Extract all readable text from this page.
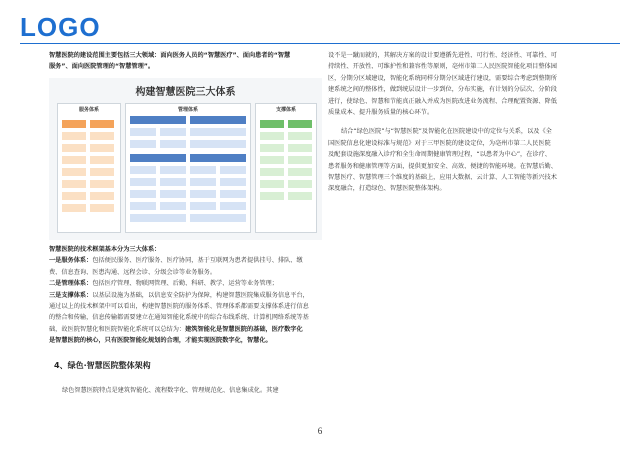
LOGO

智慧医院的建设范围主要包括三大领域：面向医务人员的“智慧医疗”、面向患者的“智慧

服务”、面向医院管理的“智慧管理”。

构建智慧医院三大体系
服务体系	管理体系	支撑体系

智慧医院的技术框架基本分为三大体系：

一是服务体系：包括便民服务、医疗服务、医疗协同，基于互联网为患者提供挂号、排队、缴

费、信息查询、医患沟通、远程会诊、分级会诊等业务服务。

二是管理体系：包括医疗管理、物联网管理、后勤、科研、教学、运营等业务管理；

三是支撑体系：以基层设施为基础，以信息安全防护为保障，构建智慧医院集成服务信息平台，

通过以上的技术框架中可以看出，构建智慧医院的服务体系、管理体系都需要支撑体系进行信息

的整合和传输，信息传输都需要建立在通知智能化系统中的综合布线系统、计算机网络系统等基

础，故医院智慧化和医院智能化系统可以总结为：建筑智能化是智慧医院的基础，医疗数字化

是智慧医院的核心，只有医院智能化规划的合理，才能实现医院数字化，智慧化。

4、绿色·智慧医院整体架构

绿色智慧医院特点是建筑智能化、流程数字化、管理规范化、信息集成化。其建

设不是一蹴而就的，其解决方案的设计要遵循先进性、可行性、经济性、可靠性、可

持续性、开放性、可维护性和兼容性等原则，亳州市第二人民医院智能化项目整体园

区，分期分区域建设，智能化系统同样分期分区域进行建设，需要综合考虑到整期所

建系统之间的整体性，做到统层设计一步到位，分布实施，有计划的分层次、分阶段

进行，使绿色、智慧和节能真正融入并成为医院改进业务流程、合理配置资源、降低

质量成本、提升服务质量的核心环节。

结合“绿色医院”与“智慧医院”及智能化在医院建设中的定位与关系，以及《全

国医院信息化建设标准与规范》对于三甲医院的建设定位，为亳州市第二人民医院

及配套设施深度融入诊疗和全生命周期健康管理过程，“以患者为中心”，在诊疗、

患者服务和健康管理等方面，提供更加安全、高效、便捷的智能环境。在智慧后勤、

智慧医疗、智慧管理三个维度的基础上，应用大数据、云计算、人工智能等新兴技术

深度融合，打造绿色、智慧医院整体架构。

6
